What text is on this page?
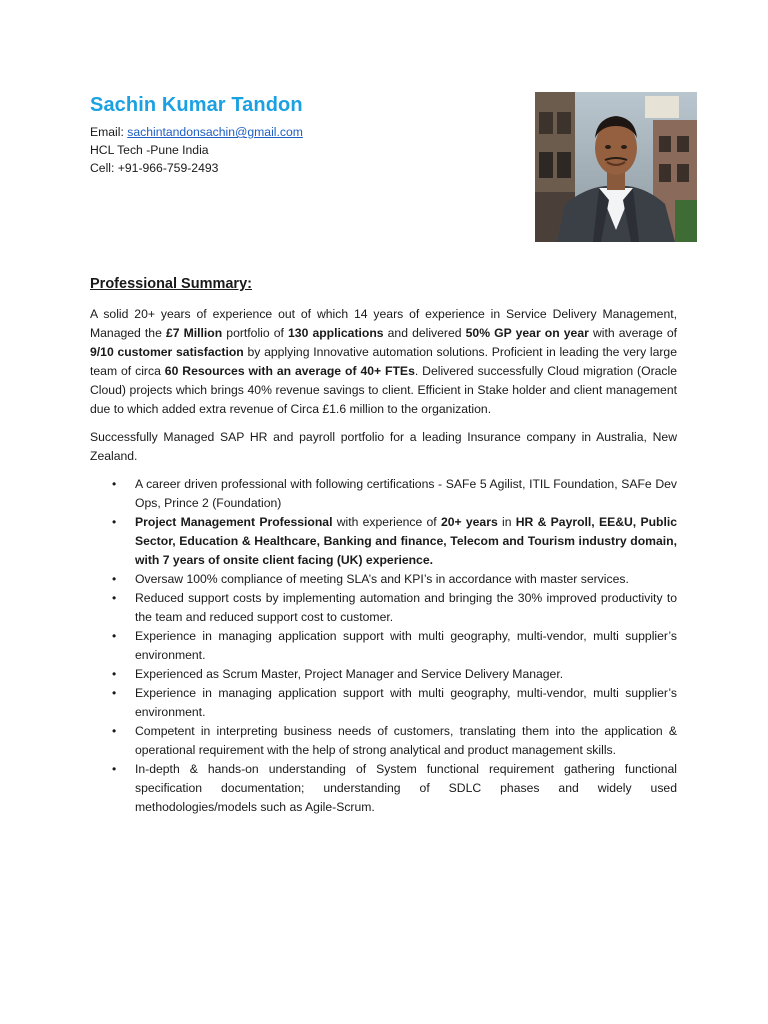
Sachin Kumar Tandon
Email: sachintandonsachin@gmail.com
HCL Tech -Pune India
Cell: +91-966-759-2493
Professional Summary:

A solid 20+ years of experience out of which 14 years of experience in Service Delivery Management, Managed the £7 Million portfolio of 130 applications and delivered 50% GP year on year with average of 9/10 customer satisfaction by applying Innovative automation solutions. Proficient in leading the very large team of circa 60 Resources with an average of 40+ FTEs. Delivered successfully Cloud migration (Oracle Cloud) projects which brings 40% revenue savings to client. Efficient in Stake holder and client management due to which added extra revenue of Circa £1.6 million to the organization.

Successfully Managed SAP HR and payroll portfolio for a leading Insurance company in Australia, New Zealand.

• A career driven professional with following certifications - SAFe 5 Agilist, ITIL Foundation, SAFe Dev Ops, Prince 2 (Foundation)
• Project Management Professional with experience of 20+ years in HR & Payroll, EE&U, Public Sector, Education & Healthcare, Banking and finance, Telecom and Tourism industry domain, with 7 years of onsite client facing (UK) experience.
• Oversaw 100% compliance of meeting SLA’s and KPI’s in accordance with master services.
• Reduced support costs by implementing automation and bringing the 30% improved productivity to the team and reduced support cost to customer.
• Experience in managing application support with multi geography, multi-vendor, multi supplier’s environment.
• Experienced as Scrum Master, Project Manager and Service Delivery Manager.
• Experience in managing application support with multi geography, multi-vendor, multi supplier’s environment.
• Competent in interpreting business needs of customers, translating them into the application & operational requirement with the help of strong analytical and product management skills.
• In-depth & hands-on understanding of System functional requirement gathering functional specification documentation; understanding of SDLC phases and widely used methodologies/models such as Agile-Scrum.
